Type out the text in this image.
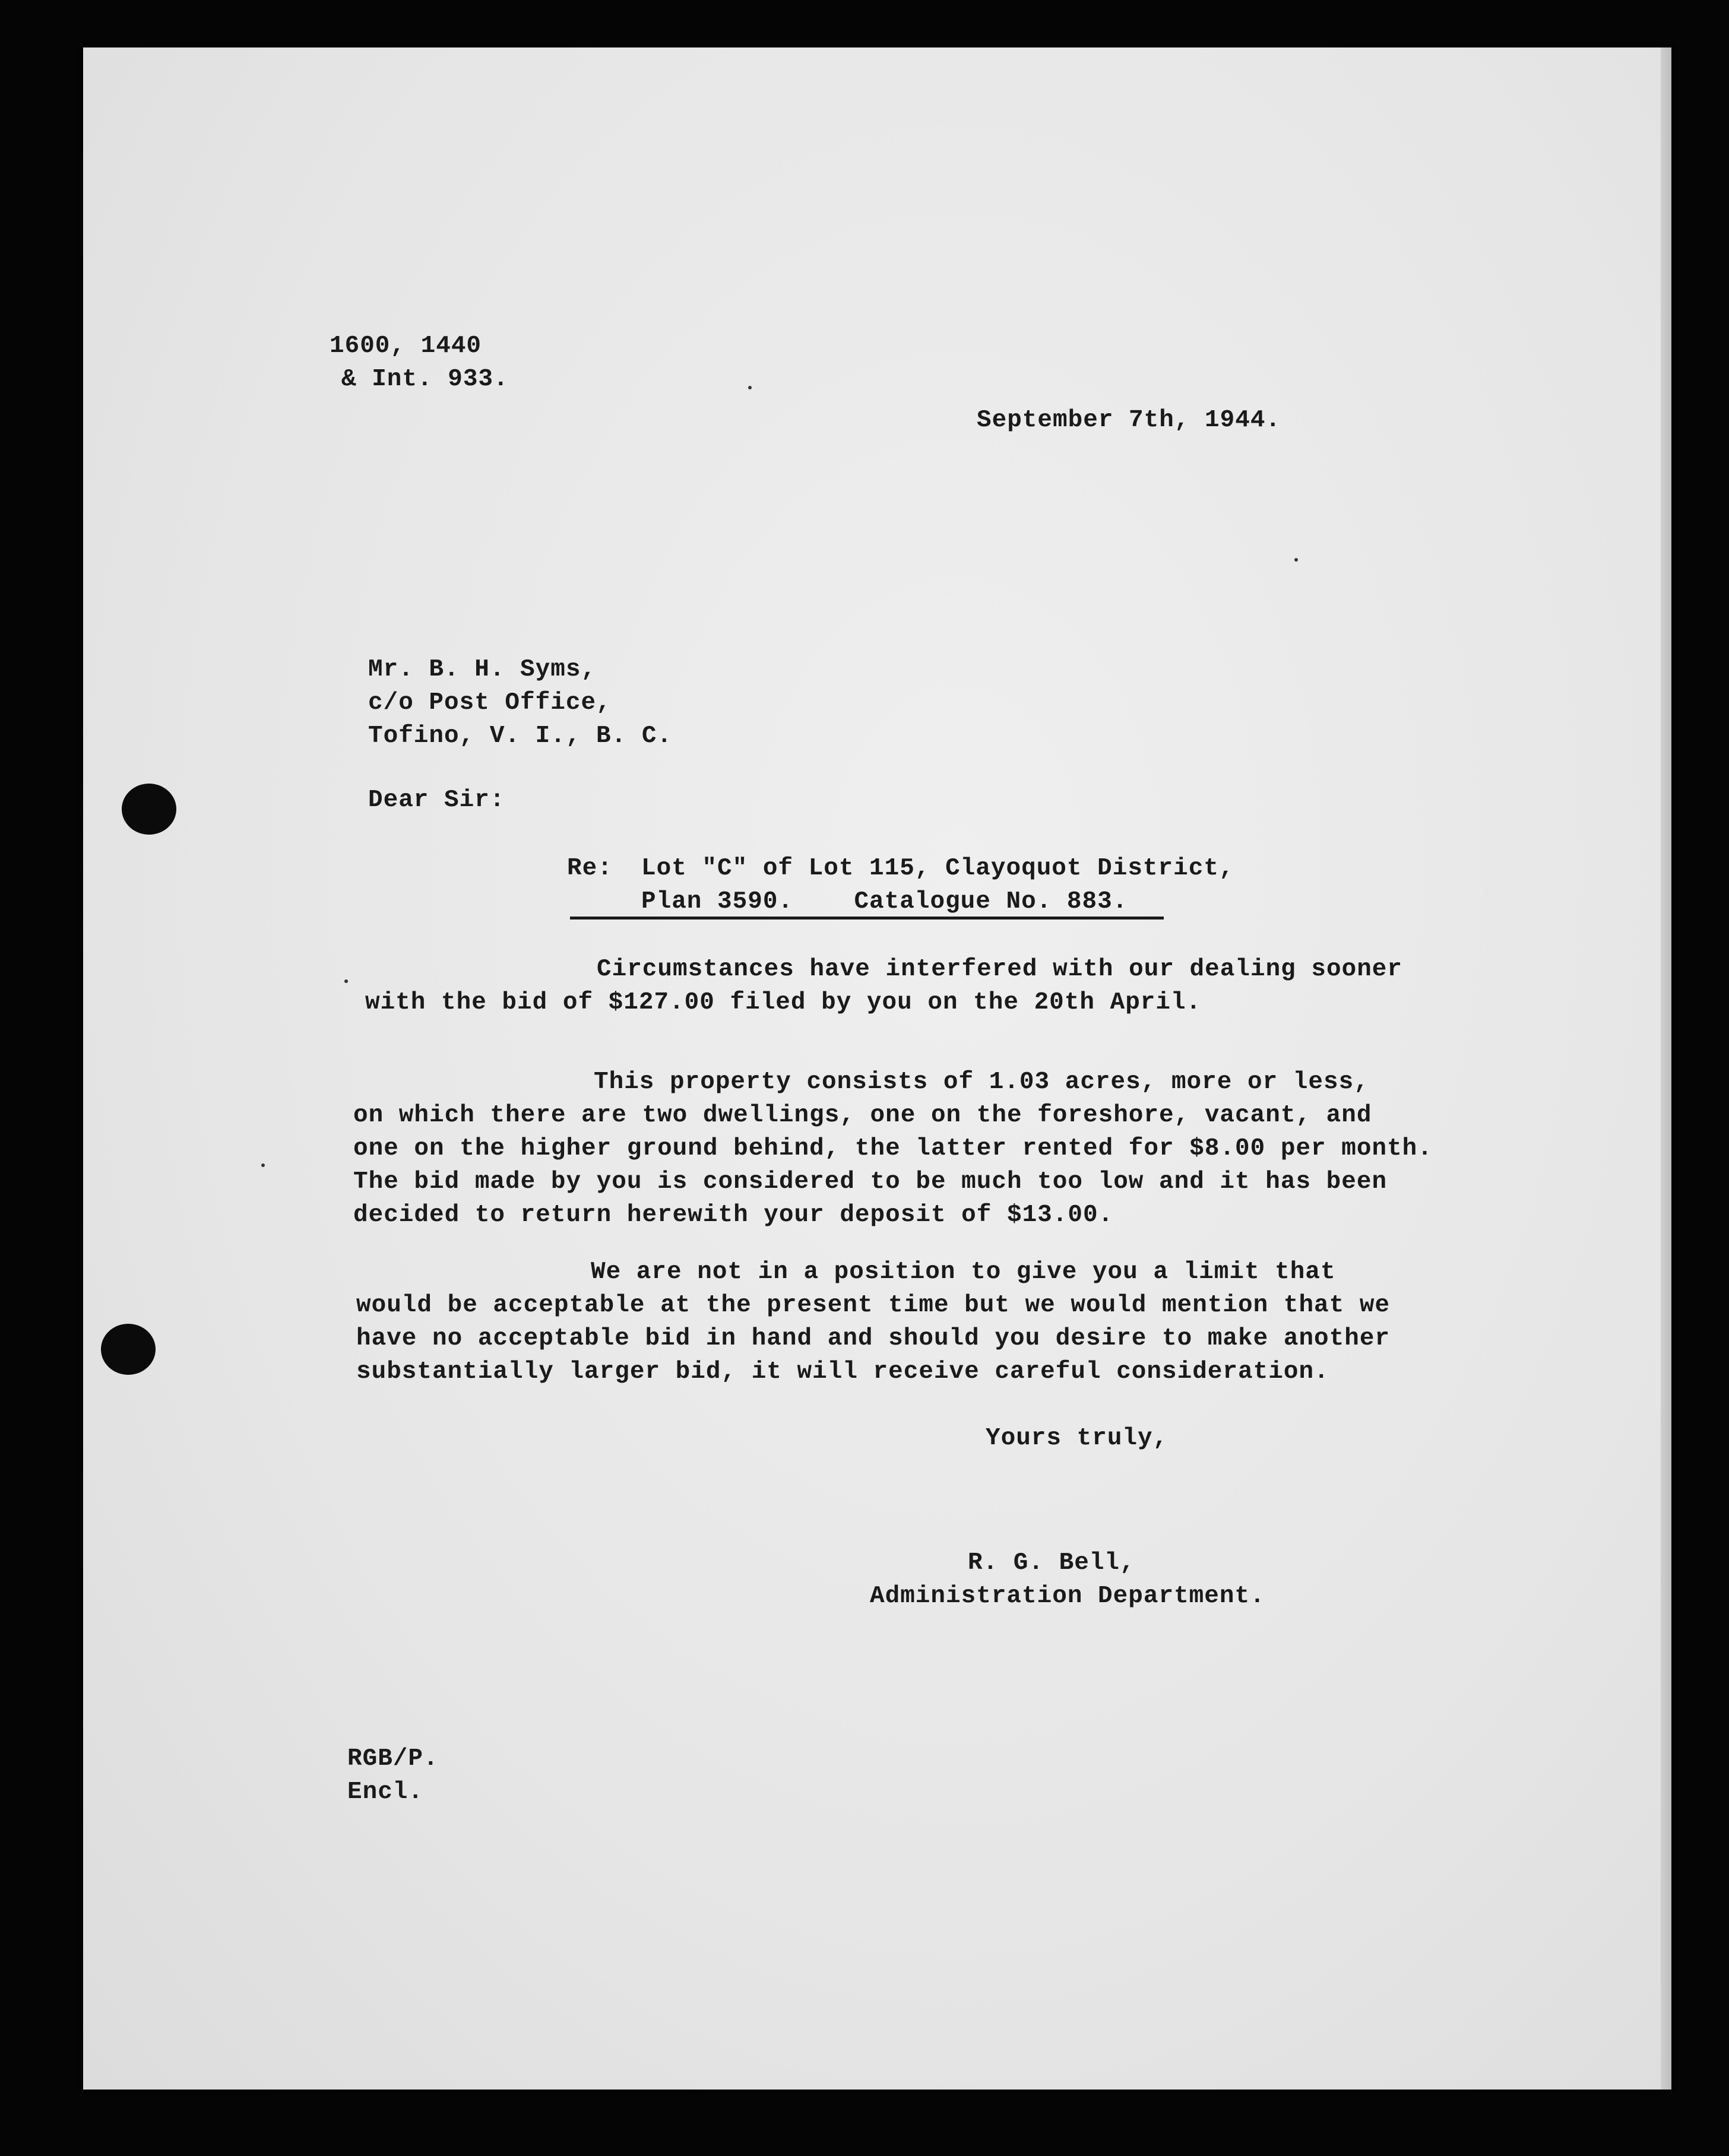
1600, 1440

& Int. 933.

September 7th, 1944.

Mr. B. H. Syms,

c/o Post Office,

Tofino, V. I., B. C.

Dear Sir:
Re:

Lot "C" of Lot 115, Clayoquot District,

Plan 3590.    Catalogue No. 883.

Circumstances have interfered with our dealing sooner

with the bid of $127.00 filed by you on the 20th April.

This property consists of 1.03 acres, more or less,

on which there are two dwellings, one on the foreshore, vacant, and

one on the higher ground behind, the latter rented for $8.00 per month.

The bid made by you is considered to be much too low and it has been

decided to return herewith your deposit of $13.00.

We are not in a position to give you a limit that

would be acceptable at the present time but we would mention that we

have no acceptable bid in hand and should you desire to make another

substantially larger bid, it will receive careful consideration.

Yours truly,

R. G. Bell,

Administration Department.

RGB/P.

Encl.
